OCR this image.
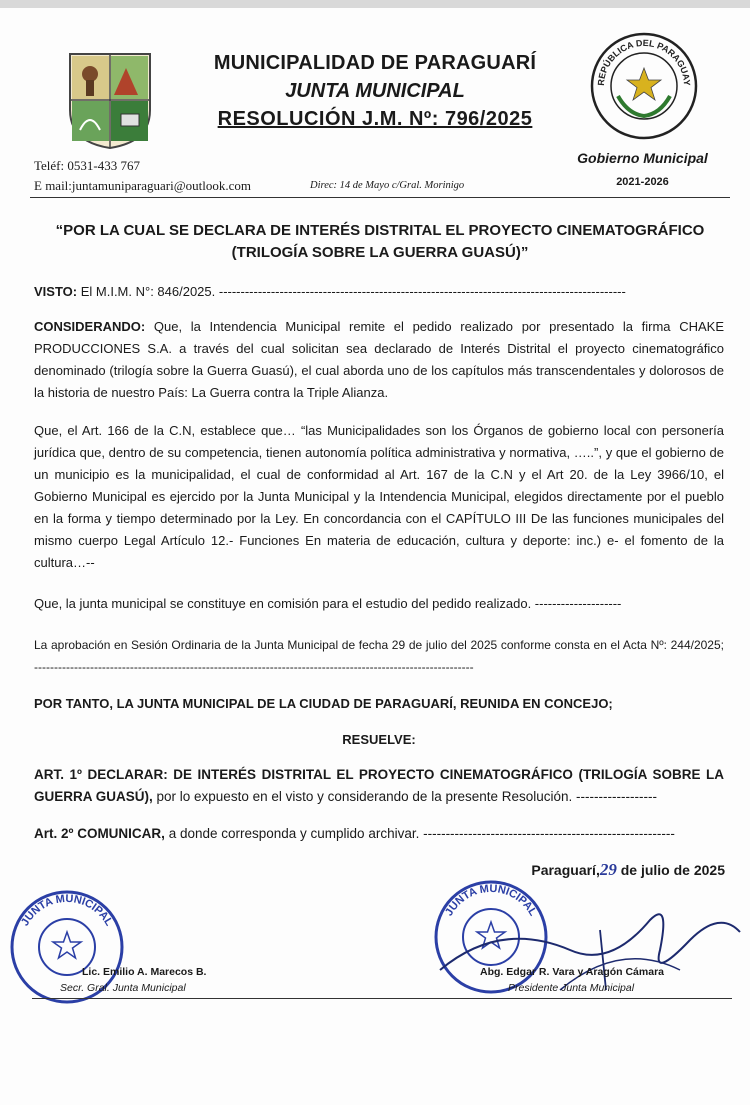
MUNICIPALIDAD DE PARAGUARÍ
JUNTA MUNICIPAL
RESOLUCIÓN J.M. Nº: 796/2025
REPÚBLICA DEL PARAGUAY
Teléf: 0531-433 767
E mail:juntamuniparaguari@outlook.com	Direc: 14 de Mayo c/Gral. Morinigo
Gobierno Municipal
2021-2026
“POR LA CUAL SE DECLARA DE INTERÉS DISTRITAL EL PROYECTO CINEMATOGRÁFICO
(TRILOGÍA SOBRE LA GUERRA GUASÚ)”
VISTO: El M.I.M. N°: 846/2025. ----------------------------------------------------------------------------------------------
CONSIDERANDO: Que, la Intendencia Municipal remite el pedido realizado por presentado la firma CHAKE PRODUCCIONES S.A. a través del cual solicitan sea declarado de Interés Distrital el proyecto cinematográfico denominado (trilogía sobre la Guerra Guasú), el cual aborda uno de los capítulos más transcendentales y dolorosos de la historia de nuestro País: La Guerra contra la Triple Alianza.
Que, el Art. 166 de la C.N, establece que… “las Municipalidades son los Órganos de gobierno local con personería jurídica que, dentro de su competencia, tienen autonomía política administrativa y normativa, …..”, y que el gobierno de un municipio es la municipalidad, el cual de conformidad al Art. 167 de la C.N y el Art 20. de la Ley 3966/10, el Gobierno Municipal es ejercido por la Junta Municipal y la Intendencia Municipal, elegidos directamente por el pueblo en la forma y tiempo determinado por la Ley. En concordancia con el CAPÍTULO III De las funciones municipales del mismo cuerpo Legal Artículo 12.- Funciones En materia de educación, cultura y deporte: inc.) e- el fomento de la cultura…--
Que, la junta municipal se constituye en comisión para el estudio del pedido realizado. --------------------
La aprobación en Sesión Ordinaria de la Junta Municipal de fecha 29 de julio del 2025 conforme consta en el Acta Nº: 244/2025; --------------------------------------------------------------------------------------------------------------
POR TANTO, LA JUNTA MUNICIPAL DE LA CIUDAD DE PARAGUARÍ, REUNIDA EN CONCEJO;
RESUELVE:
ART. 1º DECLARAR: DE INTERÉS DISTRITAL EL PROYECTO CINEMATOGRÁFICO (TRILOGÍA SOBRE LA GUERRA GUASÚ), por lo expuesto en el visto y considerando de la presente Resolución. ------------------
Art. 2º COMUNICAR, a donde corresponda y cumplido archivar. --------------------------------------------------------
Paraguarí,29 de julio de 2025
JUNTA MUNICIPAL
JUNTA MUNICIPAL
Lic. Emilio A. Marecos B.
Secr. Gral. Junta Municipal
Abg. Edgar R. Vara y Aragón Cámara
Presidente Junta Municipal
